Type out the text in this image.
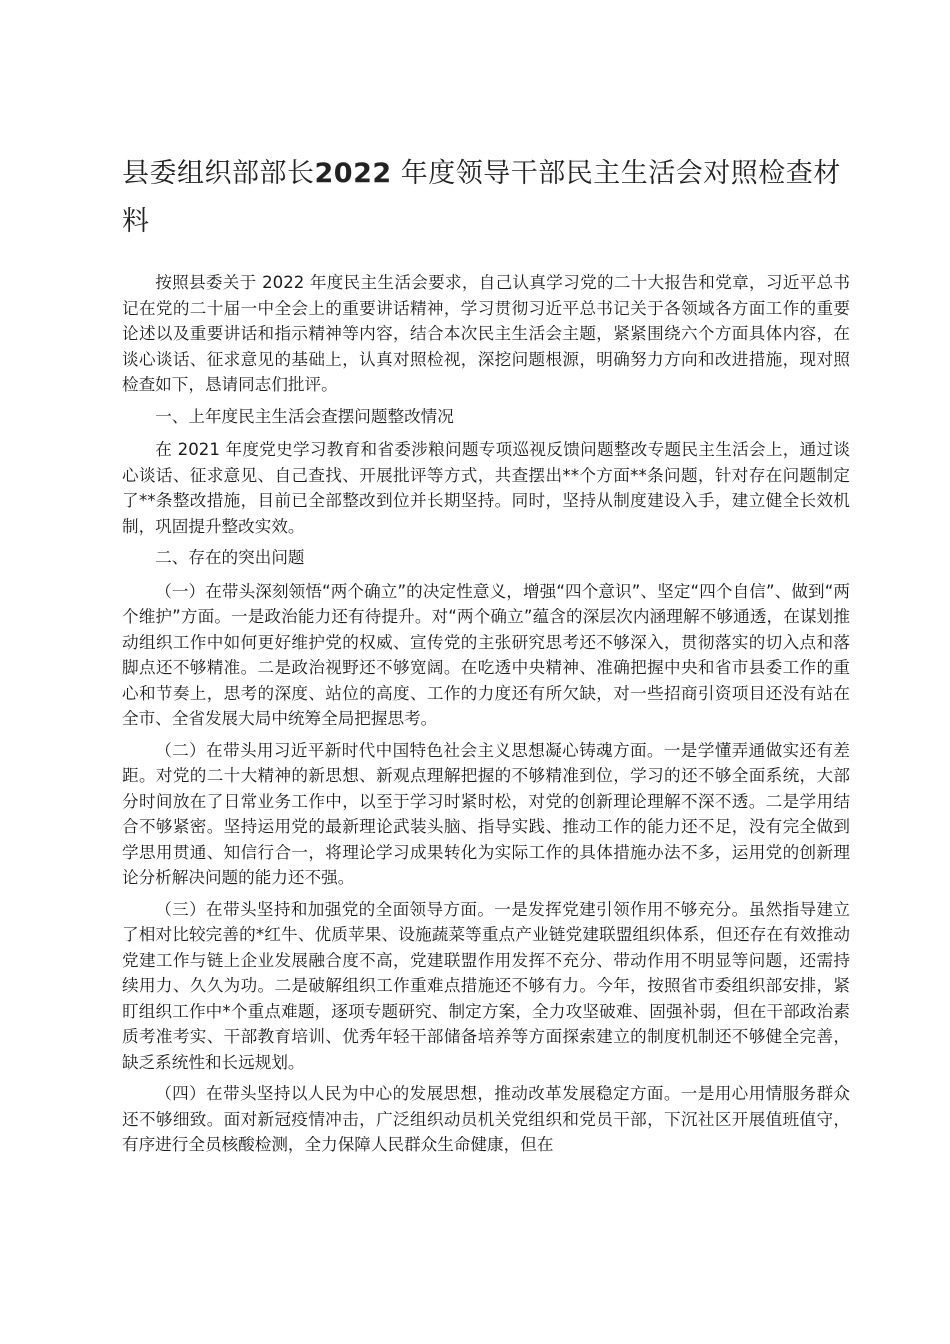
县委组织部部长2022 年度领导干部民主生活会对照检查材料

按照县委关于 2022 年度民主生活会要求，自己认真学习党的二十大报告和党章，习近平总书记在党的二十届一中全会上的重要讲话精神，学习贯彻习近平总书记关于各领域各方面工作的重要论述以及重要讲话和指示精神等内容，结合本次民主生活会主题，紧紧围绕六个方面具体内容，在谈心谈话、征求意见的基础上，认真对照检视，深挖问题根源，明确努力方向和改进措施，现对照检查如下，恳请同志们批评。

一、上年度民主生活会查摆问题整改情况

在 2021 年度党史学习教育和省委涉粮问题专项巡视反馈问题整改专题民主生活会上，通过谈心谈话、征求意见、自己查找、开展批评等方式，共查摆出**个方面**条问题，针对存在问题制定了**条整改措施，目前已全部整改到位并长期坚持。同时，坚持从制度建设入手，建立健全长效机制，巩固提升整改实效。

二、存在的突出问题

（一）在带头深刻领悟“两个确立”的决定性意义，增强“四个意识”、坚定“四个自信”、做到“两个维护”方面。一是政治能力还有待提升。对“两个确立”蕴含的深层次内涵理解不够通透，在谋划推动组织工作中如何更好维护党的权威、宣传党的主张研究思考还不够深入，贯彻落实的切入点和落脚点还不够精准。二是政治视野还不够宽阔。在吃透中央精神、准确把握中央和省市县委工作的重心和节奏上，思考的深度、站位的高度、工作的力度还有所欠缺，对一些招商引资项目还没有站在全市、全省发展大局中统筹全局把握思考。

（二）在带头用习近平新时代中国特色社会主义思想凝心铸魂方面。一是学懂弄通做实还有差距。对党的二十大精神的新思想、新观点理解把握的不够精准到位，学习的还不够全面系统，大部分时间放在了日常业务工作中，以至于学习时紧时松，对党的创新理论理解不深不透。二是学用结合不够紧密。坚持运用党的最新理论武装头脑、指导实践、推动工作的能力还不足，没有完全做到学思用贯通、知信行合一，将理论学习成果转化为实际工作的具体措施办法不多，运用党的创新理论分析解决问题的能力还不强。

（三）在带头坚持和加强党的全面领导方面。一是发挥党建引领作用不够充分。虽然指导建立了相对比较完善的*红牛、优质苹果、设施蔬菜等重点产业链党建联盟组织体系，但还存在有效推动党建工作与链上企业发展融合度不高，党建联盟作用发挥不充分、带动作用不明显等问题，还需持续用力、久久为功。二是破解组织工作重难点措施还不够有力。今年，按照省市委组织部安排，紧盯组织工作中*个重点难题，逐项专题研究、制定方案，全力攻坚破难、固强补弱，但在干部政治素质考准考实、干部教育培训、优秀年轻干部储备培养等方面探索建立的制度机制还不够健全完善，缺乏系统性和长远规划。

（四）在带头坚持以人民为中心的发展思想，推动改革发展稳定方面。一是用心用情服务群众还不够细致。面对新冠疫情冲击，广泛组织动员机关党组织和党员干部，下沉社区开展值班值守，有序进行全员核酸检测，全力保障人民群众生命健康，但在
